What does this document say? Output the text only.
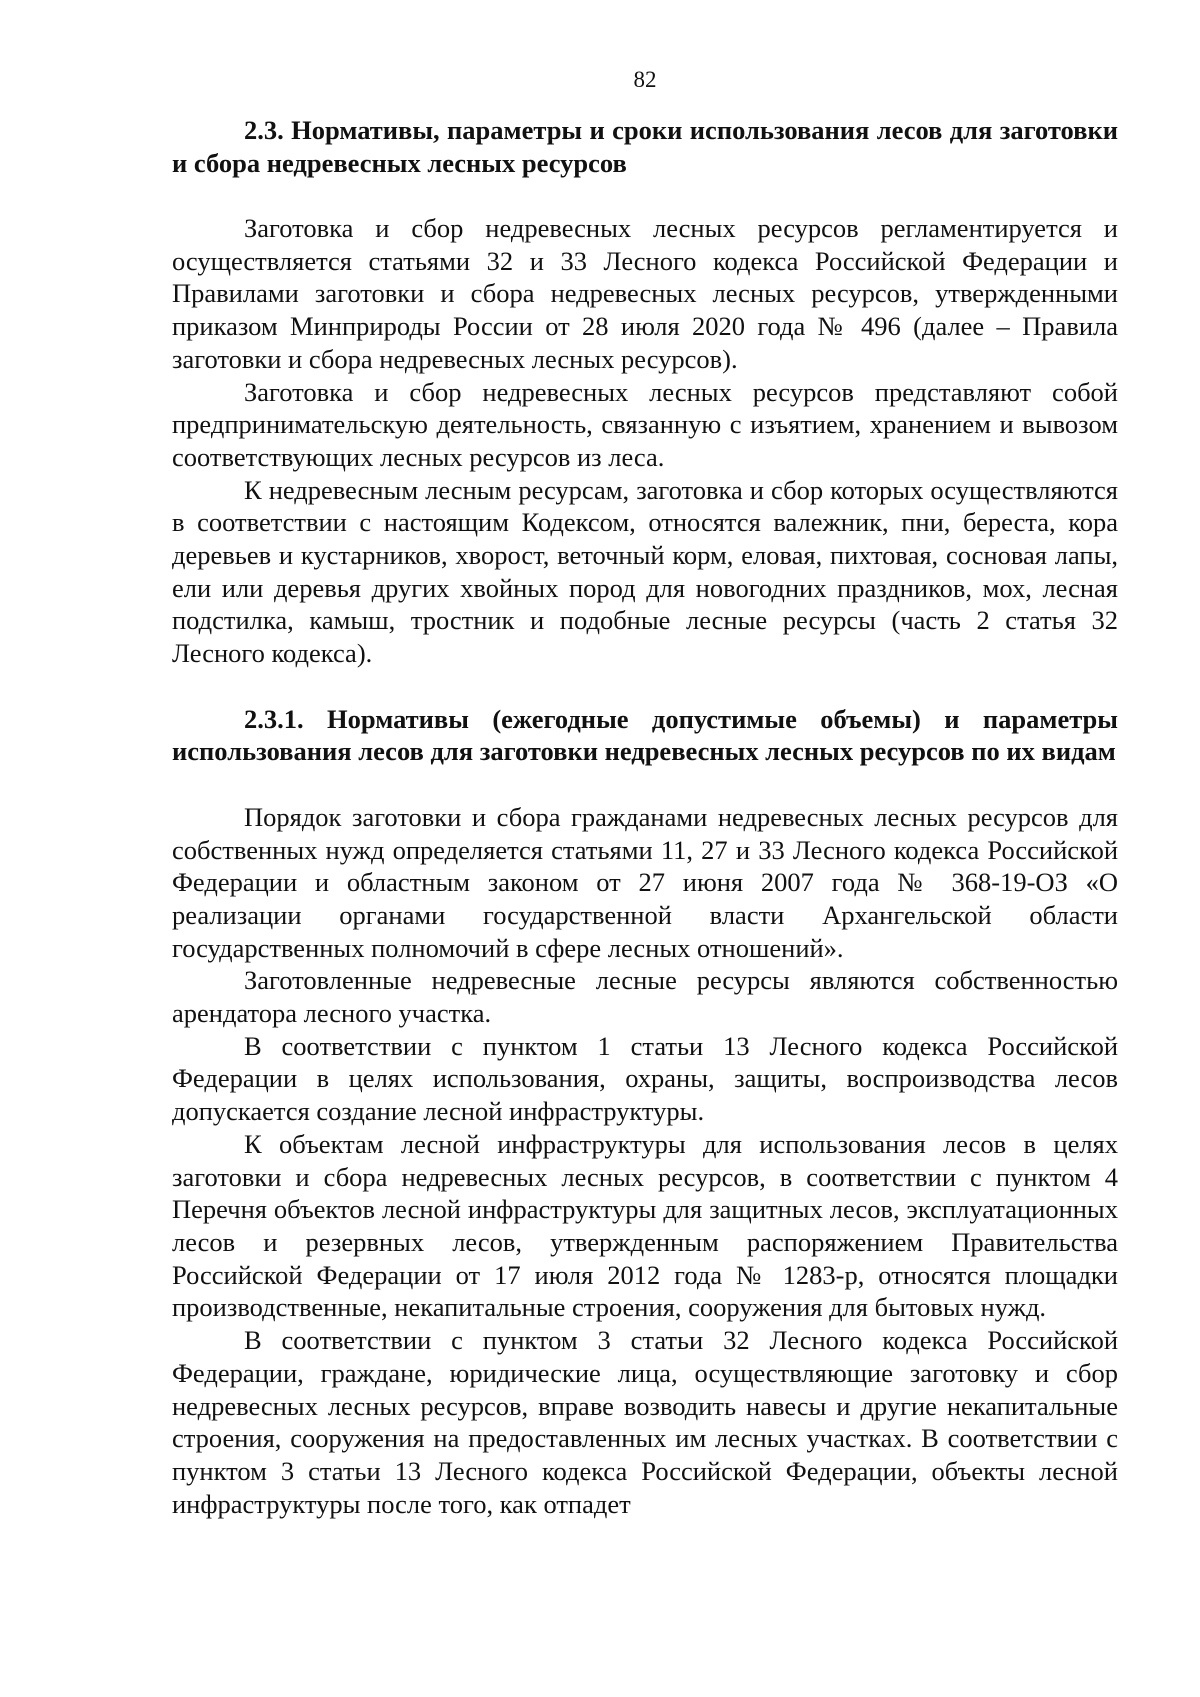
82

2.3. Нормативы, параметры и сроки использования лесов для заготовки и сбора недревесных лесных ресурсов

Заготовка и сбор недревесных лесных ресурсов регламентируется и осуществляется статьями 32 и 33 Лесного кодекса Российской Федерации и Правилами заготовки и сбора недревесных лесных ресурсов, утвержденными приказом Минприроды России от 28 июля 2020 года № 496 (далее – Правила заготовки и сбора недревесных лесных ресурсов).

Заготовка и сбор недревесных лесных ресурсов представляют собой предпринимательскую деятельность, связанную с изъятием, хранением и вывозом соответствующих лесных ресурсов из леса.

К недревесным лесным ресурсам, заготовка и сбор которых осуществляются в соответствии с настоящим Кодексом, относятся валежник, пни, береста, кора деревьев и кустарников, хворост, веточный корм, еловая, пихтовая, сосновая лапы, ели или деревья других хвойных пород для новогодних праздников, мох, лесная подстилка, камыш, тростник и подобные лесные ресурсы (часть 2 статья 32 Лесного кодекса).

2.3.1. Нормативы (ежегодные допустимые объемы) и параметры использования лесов для заготовки недревесных лесных ресурсов по их видам

Порядок заготовки и сбора гражданами недревесных лесных ресурсов для собственных нужд определяется статьями 11, 27 и 33 Лесного кодекса Российской Федерации и областным законом от 27 июня 2007 года № 368-19-ОЗ «О реализации органами государственной власти Архангельской области государственных полномочий в сфере лесных отношений».

Заготовленные недревесные лесные ресурсы являются собственностью арендатора лесного участка.

В соответствии с пунктом 1 статьи 13 Лесного кодекса Российской Федерации в целях использования, охраны, защиты, воспроизводства лесов допускается создание лесной инфраструктуры.

К объектам лесной инфраструктуры для использования лесов в целях заготовки и сбора недревесных лесных ресурсов, в соответствии с пунктом 4 Перечня объектов лесной инфраструктуры для защитных лесов, эксплуатационных лесов и резервных лесов, утвержденным распоряжением Правительства Российской Федерации от 17 июля 2012 года № 1283-р, относятся площадки производственные, некапитальные строения, сооружения для бытовых нужд.

В соответствии с пунктом 3 статьи 32 Лесного кодекса Российской Федерации, граждане, юридические лица, осуществляющие заготовку и сбор недревесных лесных ресурсов, вправе возводить навесы и другие некапитальные строения, сооружения на предоставленных им лесных участках. В соответствии с пунктом 3 статьи 13 Лесного кодекса Российской Федерации, объекты лесной инфраструктуры после того, как отпадет
